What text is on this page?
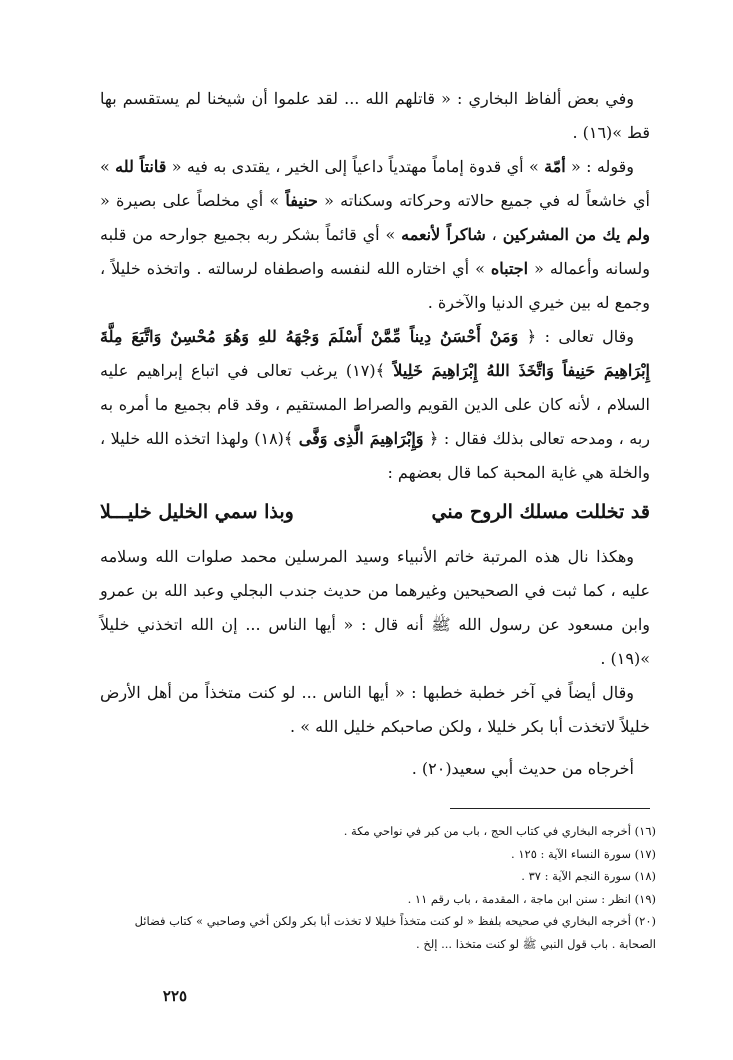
وفي بعض ألفاظ البخاري : « قاتلهم الله ... لقد علموا أن شيخنا لم يستقسم بها قط »(١٦) .

وقوله : « أمّة » أي قدوة إماماً مهتدياً داعياً إلى الخير ، يقتدى به فيه « قانتاً لله » أي خاشعاً له في جميع حالاته وحركاته وسكناته « حنيفاً » أي مخلصاً على بصيرة « ولم يك من المشركين ، شاكراً لأنعمه » أي قائماً بشكر ربه بجميع جوارحه من قلبه ولسانه وأعماله « اجتباه » أي اختاره الله لنفسه واصطفاه لرسالته . واتخذه خليلاً ، وجمع له بين خيري الدنيا والآخرة .

وقال تعالى : ﴿ وَمَنْ أَحْسَنُ دِيناً مِّمَّنْ أَسْلَمَ وَجْهَهُ للهِ وَهُوَ مُحْسِنٌ وَاتَّبَعَ مِلَّةَ إِبْرَاهِيمَ حَنِيفاً وَاتَّخَذَ اللهُ إِبْرَاهِيمَ خَلِيلاً ﴾(١٧) يرغب تعالى في اتباع إبراهيم عليه السلام ، لأنه كان على الدين القويم والصراط المستقيم ، وقد قام بجميع ما أمره به ربه ، ومدحه تعالى بذلك فقال : ﴿ وَإِبْرَاهِيمَ الَّذِى وَفَّى ﴾(١٨) ولهذا اتخذه الله خليلا ، والخلة هي غاية المحبة كما قال بعضهم :

قد تخللت مسلك الروح مني
وبذا سمي الخليل خليـــلا

وهكذا نال هذه المرتبة خاتم الأنبياء وسيد المرسلين محمد صلوات الله وسلامه عليه ، كما ثبت في الصحيحين وغيرهما من حديث جندب البجلي وعبد الله بن عمرو وابن مسعود عن رسول الله ﷺ أنه قال : « أيها الناس ... إن الله اتخذني خليلاً »(١٩) .

وقال أيضاً في آخر خطبة خطبها : « أيها الناس ... لو كنت متخذاً من أهل الأرض خليلاً لاتخذت أبا بكر خليلا ، ولكن صاحبكم خليل الله » .

أخرجاه من حديث أبي سعيد(٢٠) .

(١٦) أخرجه البخاري في كتاب الحج ، باب من كبر في نواحي مكة .

(١٧) سورة النساء الآية : ١٢٥ .

(١٨) سورة النجم الآية : ٣٧ .

(١٩) انظر : سنن ابن ماجة ، المقدمة ، باب رقم ١١ .

(٢٠) أخرجه البخاري في صحيحه بلفظ « لو كنت متخذاً خليلا لا تخذت أبا بكر ولكن أخي وصاحبي » كتاب فضائل الصحابة . باب قول النبي ﷺ لو كنت متخذا ... إلخ .

٢٢٥
